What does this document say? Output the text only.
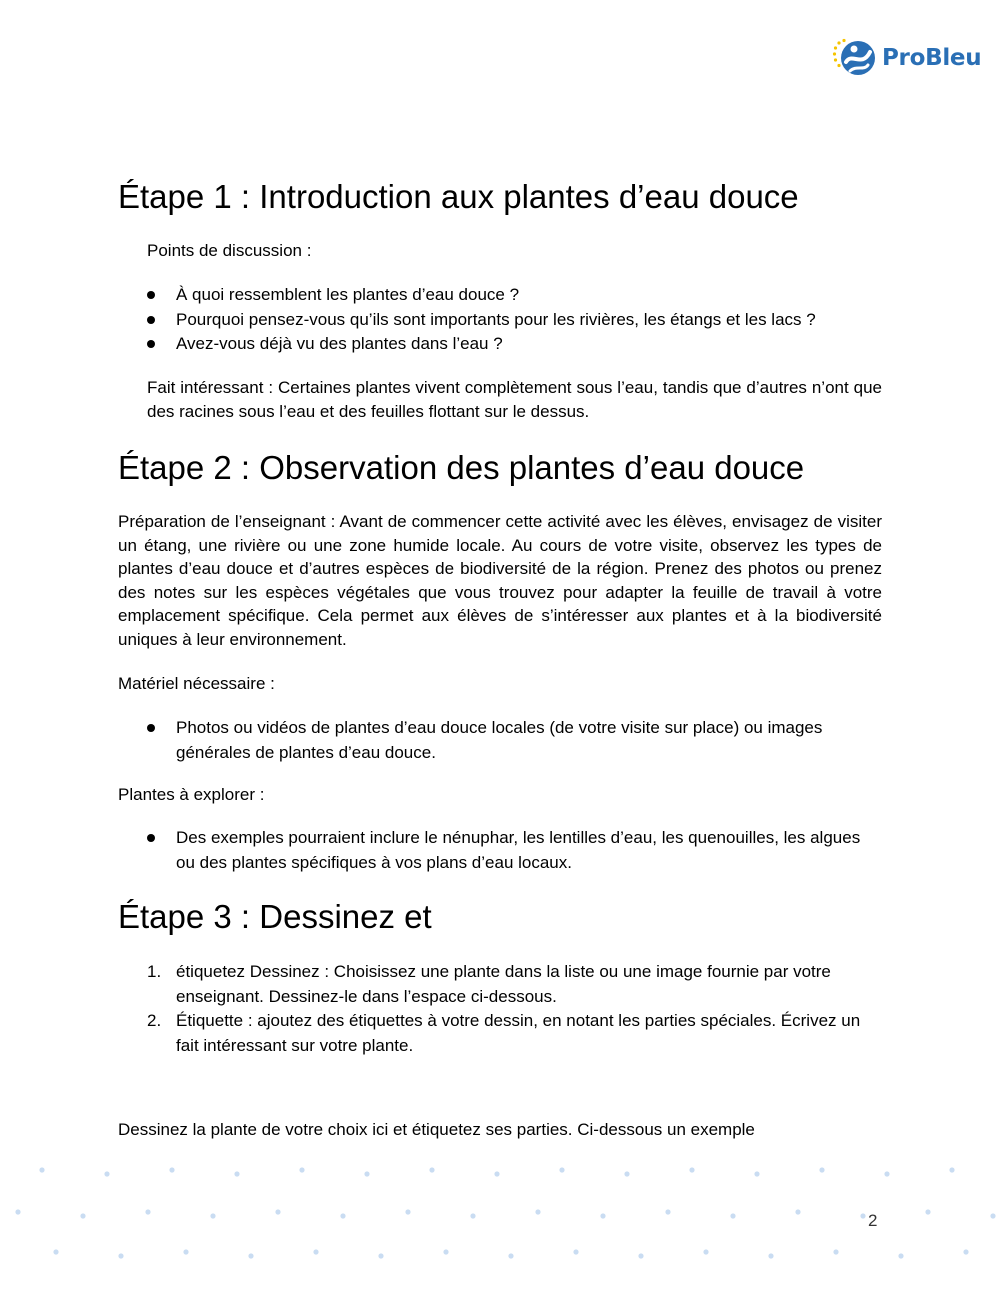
ProBleu
Étape 1 : Introduction aux plantes d’eau douce

Points de discussion :

À quoi ressemblent les plantes d’eau douce ?
Pourquoi pensez-vous qu’ils sont importants pour les rivières, les étangs et les lacs ?
Avez-vous déjà vu des plantes dans l’eau ?

Fait intéressant : Certaines plantes vivent complètement sous l’eau, tandis que d’autres n’ont que des racines sous l’eau et des feuilles flottant sur le dessus.

Étape 2 : Observation des plantes d’eau douce

Préparation de l’enseignant : Avant de commencer cette activité avec les élèves, envisagez de visiter un étang, une rivière ou une zone humide locale. Au cours de votre visite, observez les types de plantes d’eau douce et d’autres espèces de biodiversité de la région. Prenez des photos ou prenez des notes sur les espèces végétales que vous trouvez pour adapter la feuille de travail à votre emplacement spécifique. Cela permet aux élèves de s’intéresser aux plantes et à la biodiversité uniques à leur environnement.

Matériel nécessaire :

Photos ou vidéos de plantes d’eau douce locales (de votre visite sur place) ou images générales de plantes d’eau douce.

Plantes à explorer :

Des exemples pourraient inclure le nénuphar, les lentilles d’eau, les quenouilles, les algues ou des plantes spécifiques à vos plans d’eau locaux.
Étape 3 : Dessinez et
1. étiquetez Dessinez : Choisissez une plante dans la liste ou une image fournie par votre enseignant. Dessinez-le dans l’espace ci-dessous.
2. Étiquette : ajoutez des étiquettes à votre dessin, en notant les parties spéciales. Écrivez un fait intéressant sur votre plante.

Dessinez la plante de votre choix ici et étiquetez ses parties. Ci-dessous un exemple

2
